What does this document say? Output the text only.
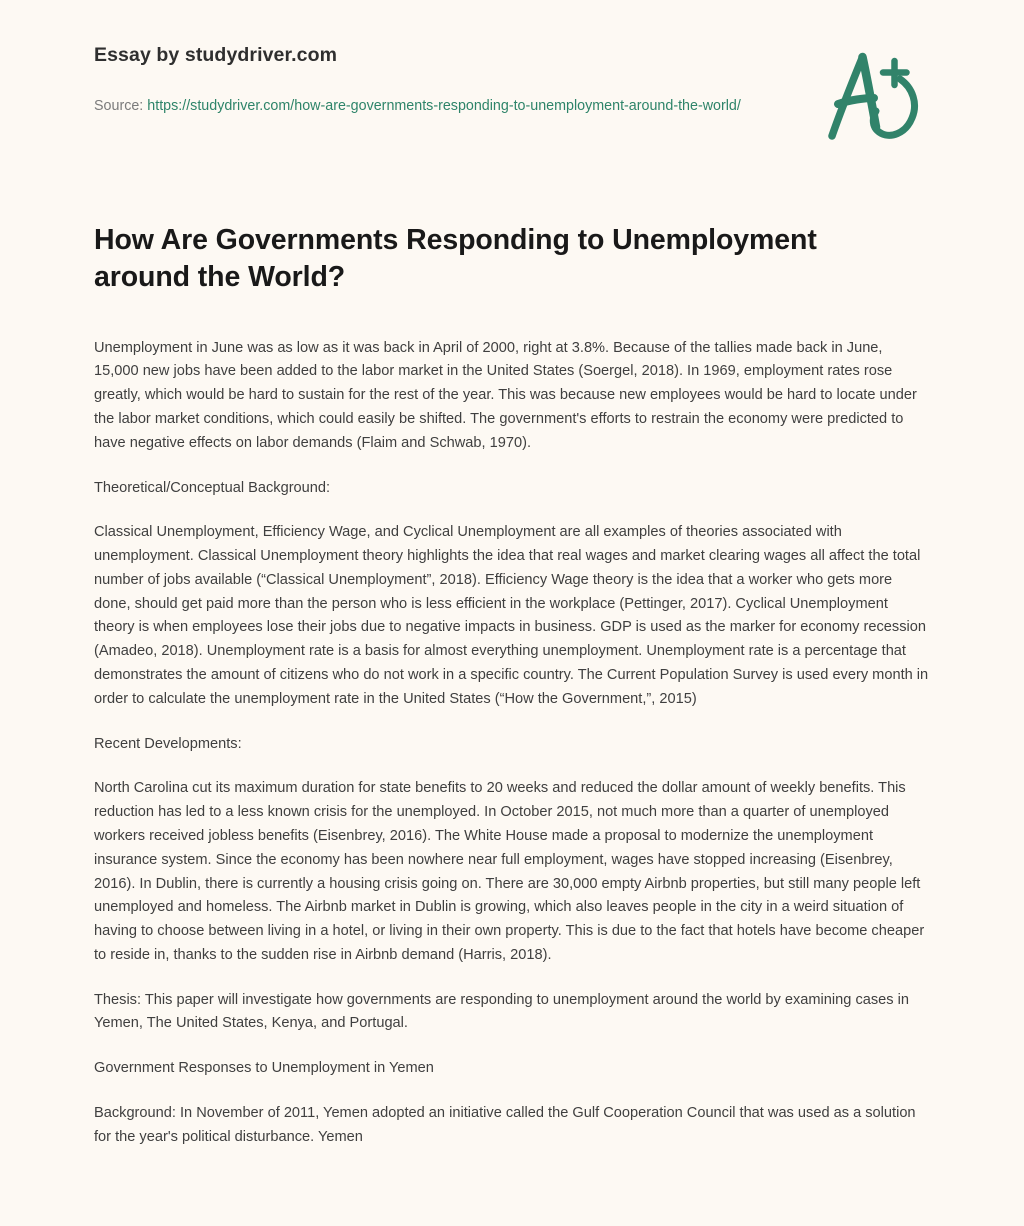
Essay by studydriver.com

Source: https://studydriver.com/how-are-governments-responding-to-unemployment-around-the-world/

How Are Governments Responding to Unemployment around the World?

Unemployment in June was as low as it was back in April of 2000, right at 3.8%. Because of the tallies made back in June, 15,000 new jobs have been added to the labor market in the United States (Soergel, 2018). In 1969, employment rates rose greatly, which would be hard to sustain for the rest of the year. This was because new employees would be hard to locate under the labor market conditions, which could easily be shifted. The government's efforts to restrain the economy were predicted to have negative effects on labor demands (Flaim and Schwab, 1970).

Theoretical/Conceptual Background:

Classical Unemployment, Efficiency Wage, and Cyclical Unemployment are all examples of theories associated with unemployment. Classical Unemployment theory highlights the idea that real wages and market clearing wages all affect the total number of jobs available (“Classical Unemployment”, 2018). Efficiency Wage theory is the idea that a worker who gets more done, should get paid more than the person who is less efficient in the workplace (Pettinger, 2017). Cyclical Unemployment theory is when employees lose their jobs due to negative impacts in business. GDP is used as the marker for economy recession (Amadeo, 2018). Unemployment rate is a basis for almost everything unemployment. Unemployment rate is a percentage that demonstrates the amount of citizens who do not work in a specific country. The Current Population Survey is used every month in order to calculate the unemployment rate in the United States (“How the Government,”, 2015)

Recent Developments:

North Carolina cut its maximum duration for state benefits to 20 weeks and reduced the dollar amount of weekly benefits. This reduction has led to a less known crisis for the unemployed. In October 2015, not much more than a quarter of unemployed workers received jobless benefits (Eisenbrey, 2016). The White House made a proposal to modernize the unemployment insurance system. Since the economy has been nowhere near full employment, wages have stopped increasing (Eisenbrey, 2016). In Dublin, there is currently a housing crisis going on. There are 30,000 empty Airbnb properties, but still many people left unemployed and homeless. The Airbnb market in Dublin is growing, which also leaves people in the city in a weird situation of having to choose between living in a hotel, or living in their own property. This is due to the fact that hotels have become cheaper to reside in, thanks to the sudden rise in Airbnb demand (Harris, 2018).

Thesis: This paper will investigate how governments are responding to unemployment around the world by examining cases in Yemen, The United States, Kenya, and Portugal.

Government Responses to Unemployment in Yemen

Background: In November of 2011, Yemen adopted an initiative called the Gulf Cooperation Council that was used as a solution for the year's political disturbance. Yemen
